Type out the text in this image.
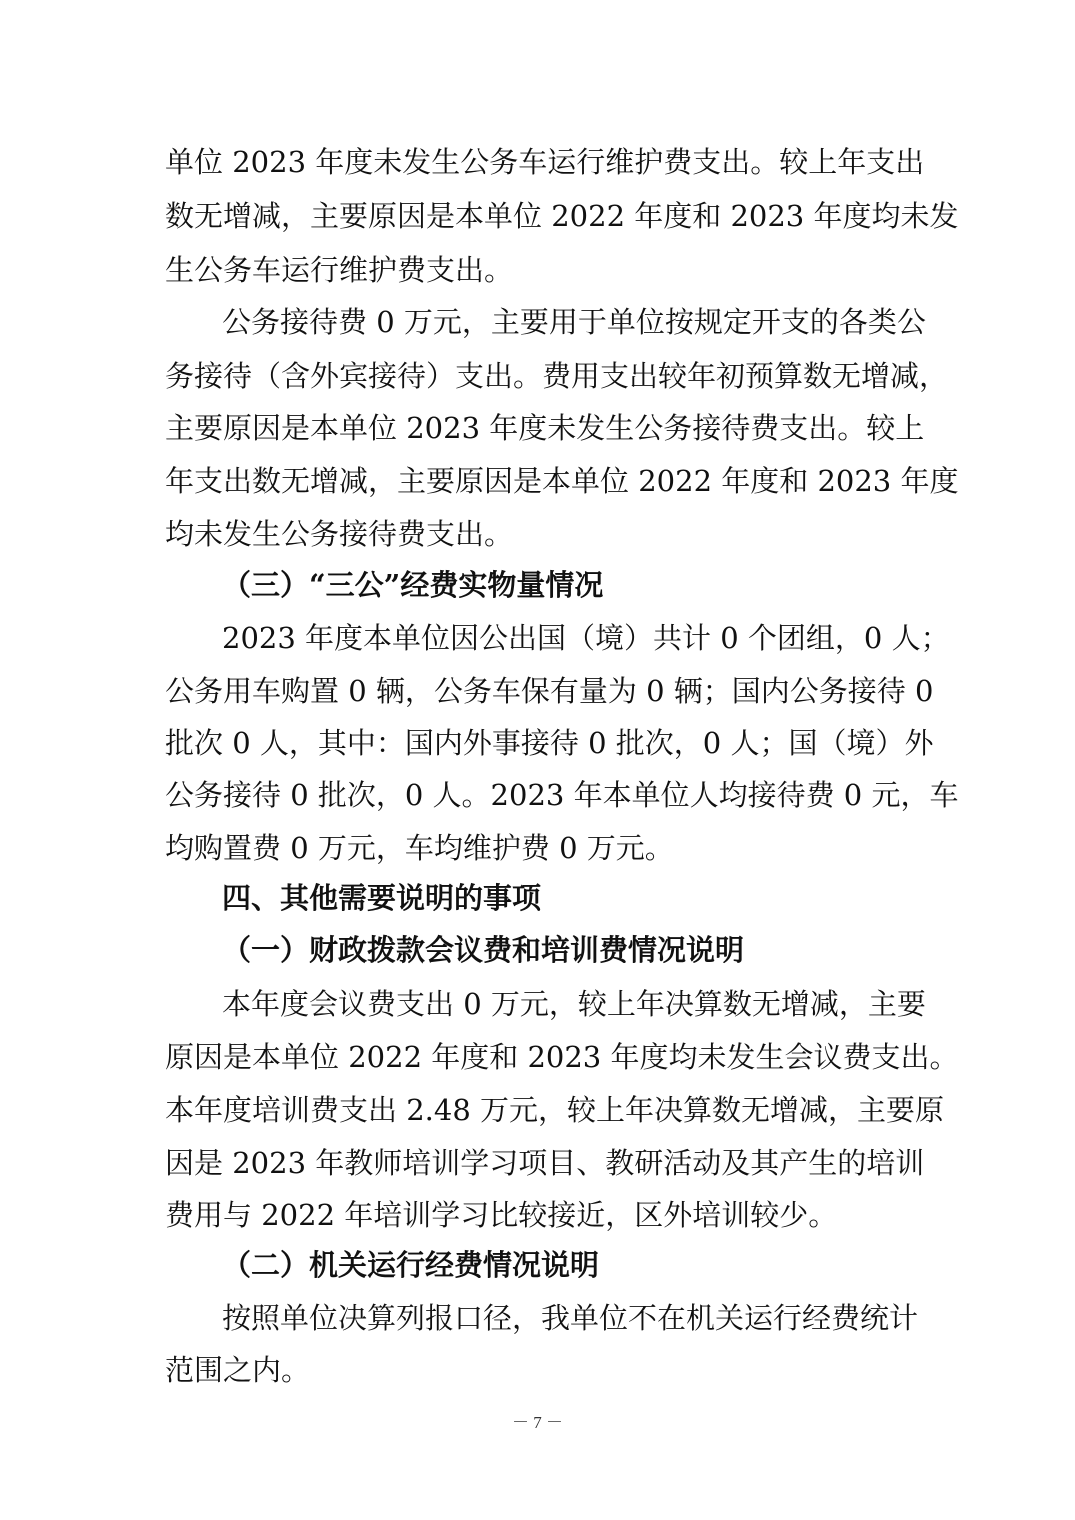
单位 2023 年度未发生公务车运行维护费支出。较上年支出
数无增减，主要原因是本单位 2022 年度和 2023 年度均未发
生公务车运行维护费支出。
公务接待费 0 万元，主要用于单位按规定开支的各类公
务接待（含外宾接待）支出。费用支出较年初预算数无增减，
主要原因是本单位 2023 年度未发生公务接待费支出。较上
年支出数无增减，主要原因是本单位 2022 年度和 2023 年度
均未发生公务接待费支出。
（三）“三公”经费实物量情况
2023 年度本单位因公出国（境）共计 0 个团组，0 人；
公务用车购置 0 辆，公务车保有量为 0 辆；国内公务接待 0
批次 0 人，其中：国内外事接待 0 批次，0 人；国（境）外
公务接待 0 批次，0 人。2023 年本单位人均接待费 0 元，车
均购置费 0 万元，车均维护费 0 万元。
四、其他需要说明的事项
（一）财政拨款会议费和培训费情况说明
本年度会议费支出 0 万元，较上年决算数无增减，主要
原因是本单位 2022 年度和 2023 年度均未发生会议费支出。
本年度培训费支出 2.48 万元，较上年决算数无增减，主要原
因是 2023 年教师培训学习项目、教研活动及其产生的培训
费用与 2022 年培训学习比较接近，区外培训较少。
（二）机关运行经费情况说明
按照单位决算列报口径，我单位不在机关运行经费统计
范围之内。
－ 7 －
